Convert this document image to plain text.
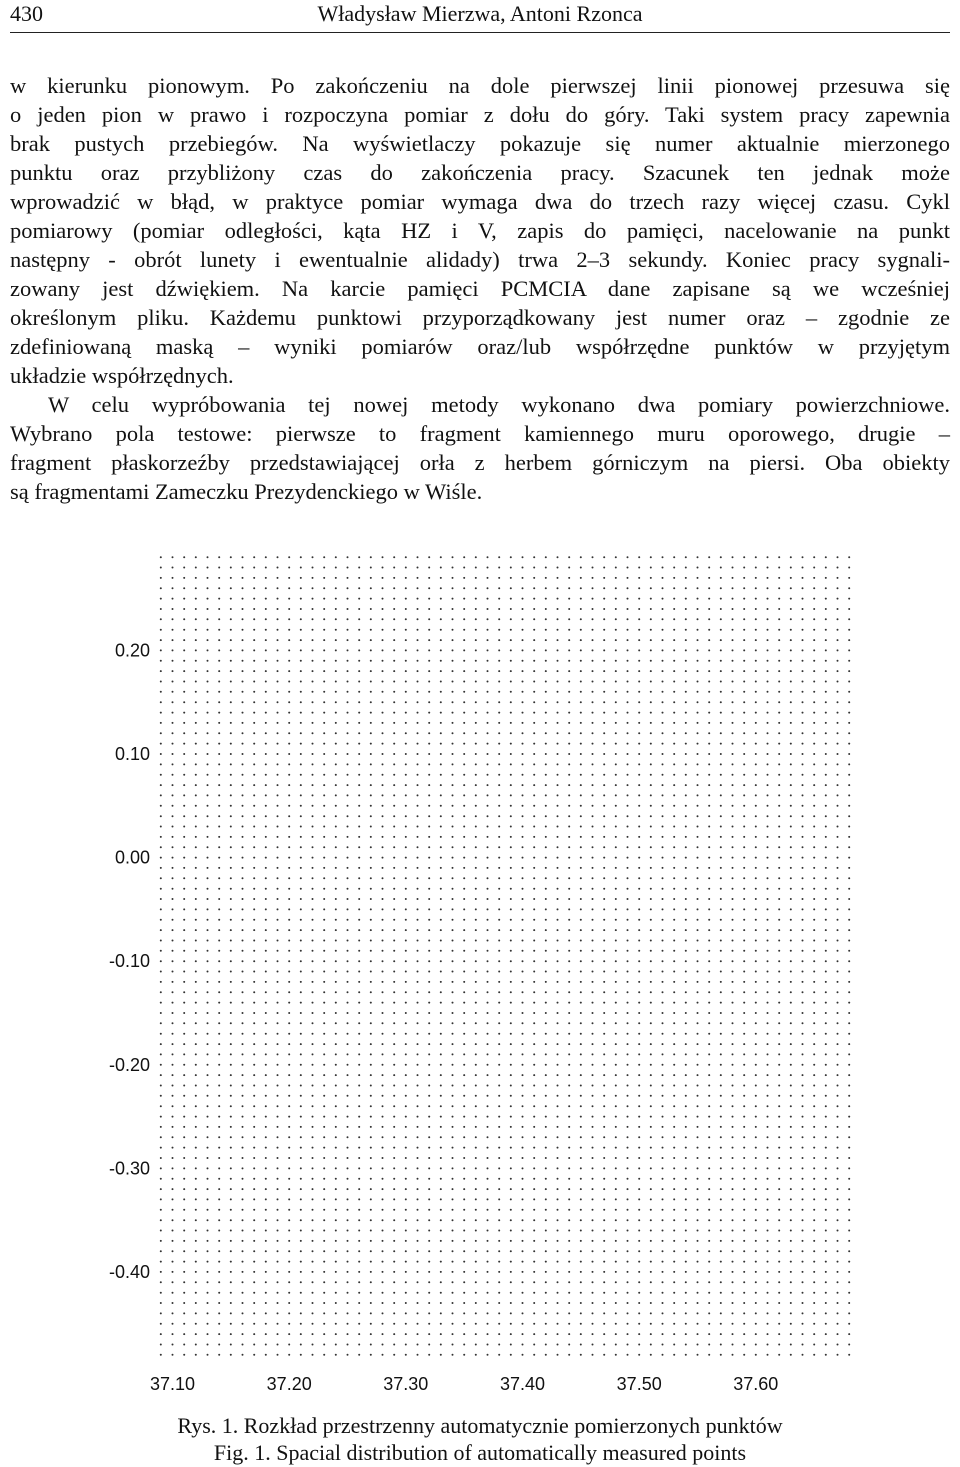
430	Władysław Mierzwa, Antoni Rzonca
w kierunku pionowym. Po zakończeniu na dole pierwszej linii pionowej przesuwa się
o jeden pion w prawo i rozpoczyna pomiar z dołu do góry. Taki system pracy zapewnia
brak pustych przebiegów. Na wyświetlaczy pokazuje się numer aktualnie mierzonego
punktu oraz przybliżony czas do zakończenia pracy. Szacunek ten jednak może
wprowadzić w błąd, w praktyce pomiar wymaga dwa do trzech razy więcej czasu. Cykl
pomiarowy (pomiar odległości, kąta HZ i V, zapis do pamięci, nacelowanie na punkt
następny - obrót lunety i ewentualnie alidady) trwa 2–3 sekundy. Koniec pracy sygnali-
zowany jest dźwiękiem. Na karcie pamięci PCMCIA dane zapisane są we wcześniej
określonym pliku. Każdemu punktowi przyporządkowany jest numer oraz – zgodnie ze
zdefiniowaną maską – wyniki pomiarów oraz/lub współrzędne punktów w przyjętym
układzie współrzędnych.
W celu wypróbowania tej nowej metody wykonano dwa pomiary powierzchniowe.
Wybrano pola testowe: pierwsze to fragment kamiennego muru oporowego, drugie –
fragment płaskorzeźby przedstawiającej orła z herbem górniczym na piersi. Oba obiekty
są fragmentami Zameczku Prezydenckiego w Wiśle.
0.20
0.10
0.00
-0.10
-0.20
-0.30
-0.40
37.10	37.20	37.30	37.40	37.50	37.60
Rys. 1. Rozkład przestrzenny automatycznie pomierzonych punktów
Fig. 1. Spacial distribution of automatically measured points
